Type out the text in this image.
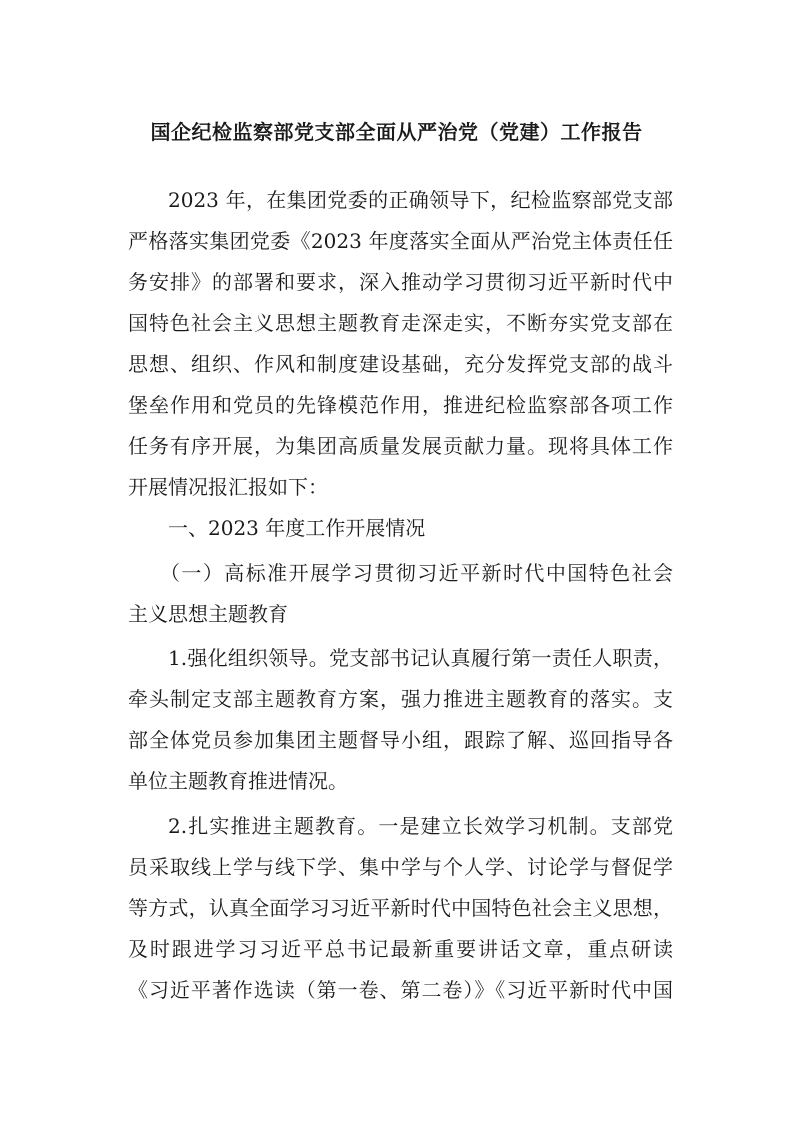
国企纪检监察部党支部全面从严治党（党建）工作报告
2023 年，在集团党委的正确领导下，纪检监察部党支部
严格落实集团党委《2023 年度落实全面从严治党主体责任任
务安排》的部署和要求，深入推动学习贯彻习近平新时代中
国特色社会主义思想主题教育走深走实，不断夯实党支部在
思想、组织、作风和制度建设基础，充分发挥党支部的战斗
堡垒作用和党员的先锋模范作用，推进纪检监察部各项工作
任务有序开展，为集团高质量发展贡献力量。现将具体工作
开展情况报汇报如下：
一、2023 年度工作开展情况
（一）高标准开展学习贯彻习近平新时代中国特色社会
主义思想主题教育
1.强化组织领导。党支部书记认真履行第一责任人职责，
牵头制定支部主题教育方案，强力推进主题教育的落实。支
部全体党员参加集团主题督导小组，跟踪了解、巡回指导各
单位主题教育推进情况。
2.扎实推进主题教育。一是建立长效学习机制。支部党
员采取线上学与线下学、集中学与个人学、讨论学与督促学
等方式，认真全面学习习近平新时代中国特色社会主义思想，
及时跟进学习习近平总书记最新重要讲话文章，重点研读
《习近平著作选读（第一卷、第二卷）》《习近平新时代中国
